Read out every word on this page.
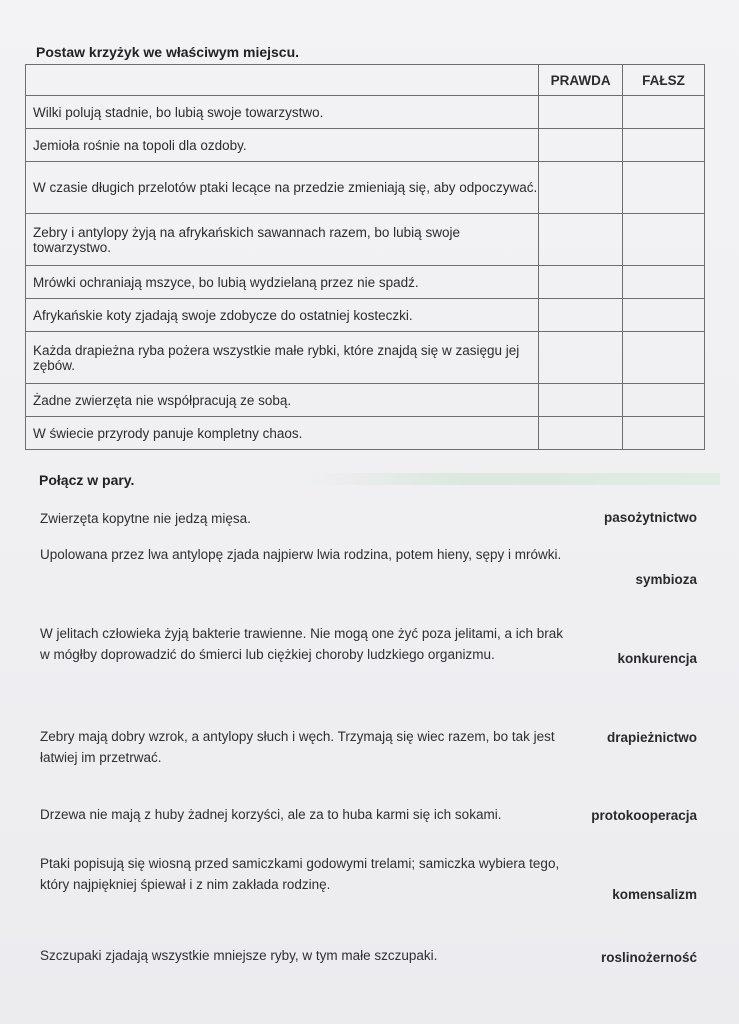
Postaw krzyżyk we właściwym miejscu.
	PRAWDA	FAŁSZ
Wilki polują stadnie, bo lubią swoje towarzystwo.		
Jemioła rośnie na topoli dla ozdoby.		
W czasie długich przelotów ptaki lecące na przedzie zmieniają się, aby odpoczywać.		
Zebry i antylopy żyją na afrykańskich sawannach razem, bo lubią swoje towarzystwo.		
Mrówki ochraniają mszyce, bo lubią wydzielaną przez nie spadź.		
Afrykańskie koty zjadają swoje zdobycze do ostatniej kosteczki.		
Każda drapieżna ryba pożera wszystkie małe rybki, które znajdą się w zasięgu jej zębów.		
Żadne zwierzęta nie współpracują ze sobą.		
W świecie przyrody panuje kompletny chaos.		
Połącz w pary.
Zwierzęta kopytne nie jedzą mięsa.
Upolowana przez lwa antylopę zjada najpierw lwia rodzina, potem hieny, sępy i mrówki.
W jelitach człowieka żyją bakterie trawienne. Nie mogą one żyć poza jelitami, a ich brak w mógłby doprowadzić do śmierci lub ciężkiej choroby ludzkiego organizmu.
Zebry mają dobry wzrok, a antylopy słuch i węch. Trzymają się wiec razem, bo tak jest łatwiej im przetrwać.
Drzewa nie mają z huby żadnej korzyści, ale za to huba karmi się ich sokami.
Ptaki popisują się wiosną przed samiczkami godowymi trelami; samiczka wybiera tego, który najpiękniej śpiewał i z nim zakłada rodzinę.
Szczupaki zjadają wszystkie mniejsze ryby, w tym małe szczupaki.
pasożytnictwo
symbioza
konkurencja
drapieżnictwo
protokooperacja
komensalizm
roslinożerność
